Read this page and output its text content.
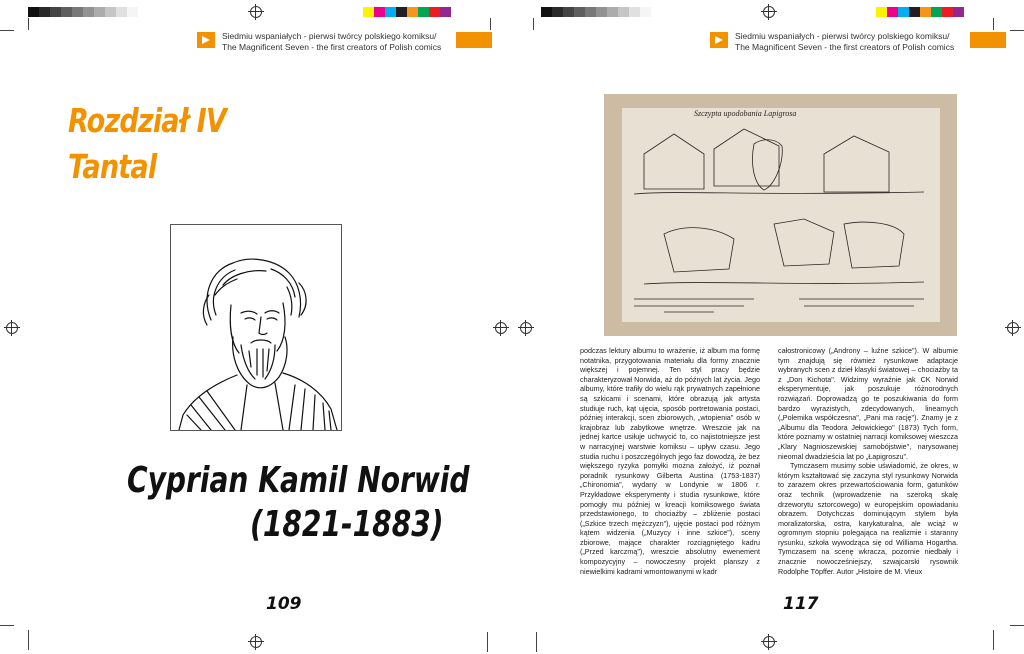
Siedmiu wspaniałych - pierwsi twórcy polskiego komiksu/
The Magnificent Seven - the first creators of Polish comics
Siedmiu wspaniałych - pierwsi twórcy polskiego komiksu/
The Magnificent Seven - the first creators of Polish comics
Rozdział IV
Tantal
Cyprian Kamil Norwid
(1821-1883)
109
Szczypta upodobania Lapigrosa

podczas lektury albumu to wrażenie, iż album ma formę notatnika, przygotowania materiału dla formy znacznie większej i pojemnej. Ten styl pracy będzie charakteryzował Norwida, aż do późnych lat życia. Jego albumy, które trafiły do wielu rąk prywatnych zapełnione są szkicami i scenami, które obrazują jak artysta studiuje ruch, kąt ujęcia, sposób portretowania postaci, później interakcji, scen zbiorowych, „wtopienia" osób w krajobraz lub zabytkowe wnętrze. Wreszcie jak na jednej kartce usiłuje uchwycić to, co najistotniejsze jest w narracyjnej warstwie komiksu – upływ czasu. Jego studia ruchu i poszczególnych jego faz dowodzą, że bez większego ryzyka pomyłki można założyć, iż poznał poradnik rysunkowy Gilberta Austina (1753-1837) „Chironomia", wydany w Londynie w 1806 r. Przykładowe eksperymenty i studia rysunkowe, które pomogły mu później w kreacji komiksowego świata przedstawionego, to chociażby – zbliżenie postaci („Szkice trzech mężczyzn"), ujęcie postaci pod różnym kątem widzenia („Muzycy i inne szkice"), sceny zbiorowe, mające charakter rozciągniętego kadru („Przed karczmą"), wreszcie absolutny ewenement kompozycyjny – nowoczesny projekt planszy z niewielkimi kadrami wmontowanymi w kadr

całostronicowy („Androny – luźne szkice"). W albumie tym znajdują się również rysunkowe adaptacje wybranych scen z dzieł klasyki światowej – chociażby ta z „Don Kichota". Widzimy wyraźnie jak CK Norwid eksperymentuje, jak poszukuje różnorodnych rozwiązań. Doprowadzą go te poszukiwania do form bardzo wyrazistych, zdecydowanych, linearnych („Polemika współczesna", „Pani ma rację"). Znamy je z „Albumu dla Teodora Jełowickiego" (1873) Tych form, które poznamy w ostatniej narracji komiksowej wieszcza „Klary Nagnioszewskiej samobójstwie", narysowanej nieomal dwadzieścia lat po „Łapigroszu".

Tymczasem musimy sobie uświadomić, że okres, w którym kształtować się zaczyna styl rysunkowy Norwida to zarazem okres przewartościowania form, gatunków oraz technik (wprowadzenie na szeroką skalę drzeworytu sztorcowego) w europejskim opowiadaniu obrazem. Dotychczas dominującym stylem była moralizatorska, ostra, karykaturalna, ale wciąż w ogromnym stopniu polegająca na realizmie i staranny rysunku, szkoła wywodząca się od Williama Hogartha. Tymczasem na scenę wkracza, pozornie niedbały i znacznie nowocześniejszy, szwajcarski rysownik Rodolphe Töpffer. Autor „Histoire de M. Vieux

117
